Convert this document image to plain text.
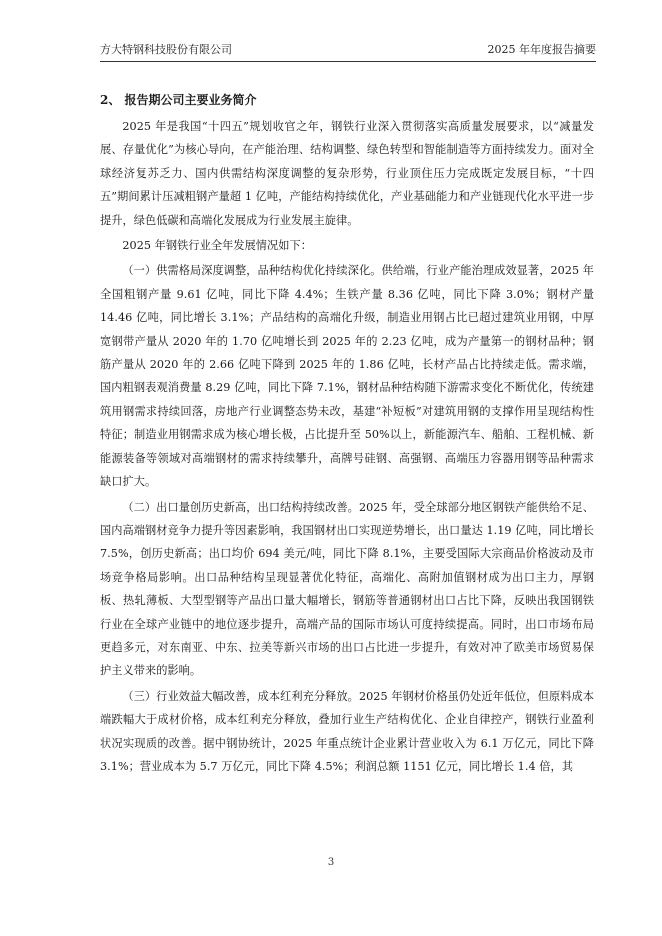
方大特钢科技股份有限公司	2025 年年度报告摘要
2、 报告期公司主要业务简介

2025 年是我国“十四五”规划收官之年，钢铁行业深入贯彻落实高质量发展要求，以“减量发展、存量优化”为核心导向，在产能治理、结构调整、绿色转型和智能制造等方面持续发力。面对全球经济复苏乏力、国内供需结构深度调整的复杂形势，行业顶住压力完成既定发展目标，“十四五”期间累计压减粗钢产量超 1 亿吨，产能结构持续优化，产业基础能力和产业链现代化水平进一步提升，绿色低碳和高端化发展成为行业发展主旋律。

2025 年钢铁行业全年发展情况如下：

（一）供需格局深度调整，品种结构优化持续深化。供给端，行业产能治理成效显著，2025 年全国粗钢产量 9.61 亿吨，同比下降 4.4%；生铁产量 8.36 亿吨，同比下降 3.0%；钢材产量 14.46 亿吨，同比增长 3.1%；产品结构的高端化升级，制造业用钢占比已超过建筑业用钢，中厚宽钢带产量从 2020 年的 1.70 亿吨增长到 2025 年的 2.23 亿吨，成为产量第一的钢材品种；钢筋产量从 2020 年的 2.66 亿吨下降到 2025 年的 1.86 亿吨，长材产品占比持续走低。需求端，国内粗钢表观消费量 8.29 亿吨，同比下降 7.1%，钢材品种结构随下游需求变化不断优化，传统建筑用钢需求持续回落，房地产行业调整态势未改，基建“补短板”对建筑用钢的支撑作用呈现结构性特征；制造业用钢需求成为核心增长极，占比提升至 50%以上，新能源汽车、船舶、工程机械、新能源装备等领域对高端钢材的需求持续攀升，高牌号硅钢、高强钢、高端压力容器用钢等品种需求缺口扩大。

（二）出口量创历史新高，出口结构持续改善。2025 年，受全球部分地区钢铁产能供给不足、国内高端钢材竞争力提升等因素影响，我国钢材出口实现逆势增长，出口量达 1.19 亿吨，同比增长 7.5%，创历史新高；出口均价 694 美元/吨，同比下降 8.1%，主要受国际大宗商品价格波动及市场竞争格局影响。出口品种结构呈现显著优化特征，高端化、高附加值钢材成为出口主力，厚钢板、热轧薄板、大型型钢等产品出口量大幅增长，钢筋等普通钢材出口占比下降，反映出我国钢铁行业在全球产业链中的地位逐步提升，高端产品的国际市场认可度持续提高。同时，出口市场布局更趋多元，对东南亚、中东、拉美等新兴市场的出口占比进一步提升，有效对冲了欧美市场贸易保护主义带来的影响。

（三）行业效益大幅改善，成本红利充分释放。2025 年钢材价格虽仍处近年低位，但原料成本端跌幅大于成材价格，成本红利充分释放，叠加行业生产结构优化、企业自律控产，钢铁行业盈利状况实现质的改善。据中钢协统计，2025 年重点统计企业累计营业收入为 6.1 万亿元，同比下降 3.1%；营业成本为 5.7 万亿元，同比下降 4.5%；利润总额 1151 亿元，同比增长 1.4 倍，其

3
